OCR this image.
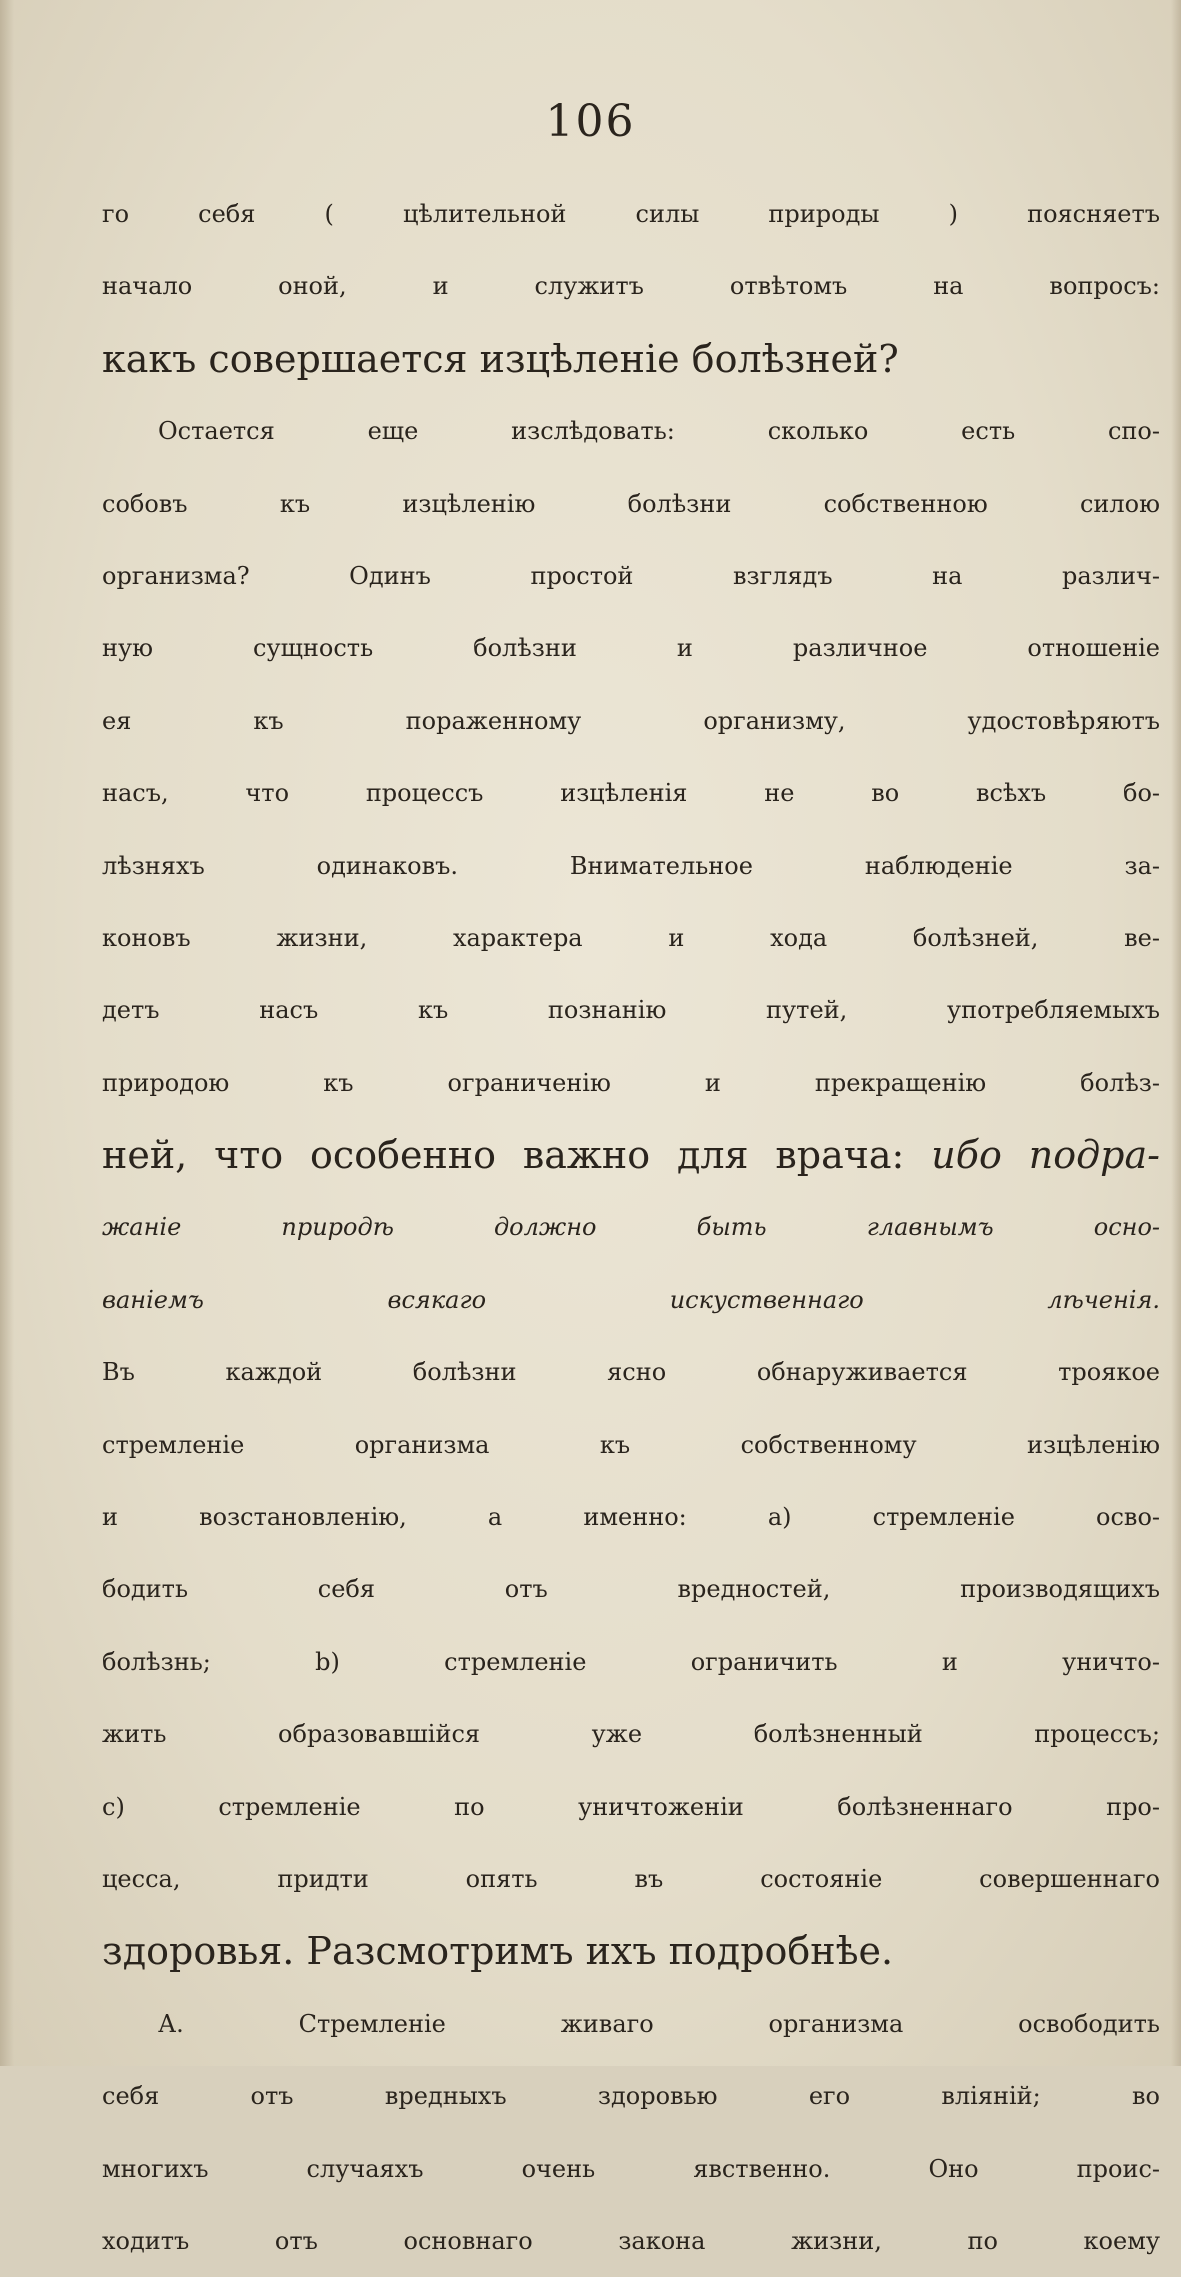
106
го себя ( цѣлительной силы природы ) поясняетъ
начало оной, и служитъ отвѣтомъ на вопросъ:
какъ совершается изцѣленіе болѣзней?
Остается еще изслѣдовать: сколько есть спо-
собовъ къ изцѣленію болѣзни собственною силою
организма? Одинъ простой взглядъ на различ-
ную сущность болѣзни и различное отношеніе
ея къ пораженному организму, удостовѣряютъ
насъ, что процессъ изцѣленія не во всѣхъ бо-
лѣзняхъ одинаковъ. Внимательное наблюденіе за-
коновъ жизни, характера и хода болѣзней, ве-
детъ насъ къ познанію путей, употребляемыхъ
природою къ ограниченію и прекращенію болѣз-
ней, что особенно важно для врача: ибо подра-
жаніе природѣ должно быть главнымъ осно-
ваніемъ всякаго искуственнаго лѣченія.
Въ каждой болѣзни ясно обнаруживается троякое
стремленіе организма къ собственному изцѣленію
и возстановленію, а именно: а) стремленіе осво-
бодить себя отъ вредностей, производящихъ
болѣзнь; b) стремленіе ограничить и уничто-
жить образовавшійся уже болѣзненный процессъ;
с) стремленіе по уничтоженіи болѣзненнаго про-
цесса, придти опять въ состояніе совершеннаго
здоровья. Разсмотримъ ихъ подробнѣе.
А. Стремленіе живаго организма освободить
себя отъ вредныхъ здоровью его вліяній; во
многихъ случаяхъ очень явственно. Оно проис-
ходитъ отъ основнаго закона жизни, по коему
